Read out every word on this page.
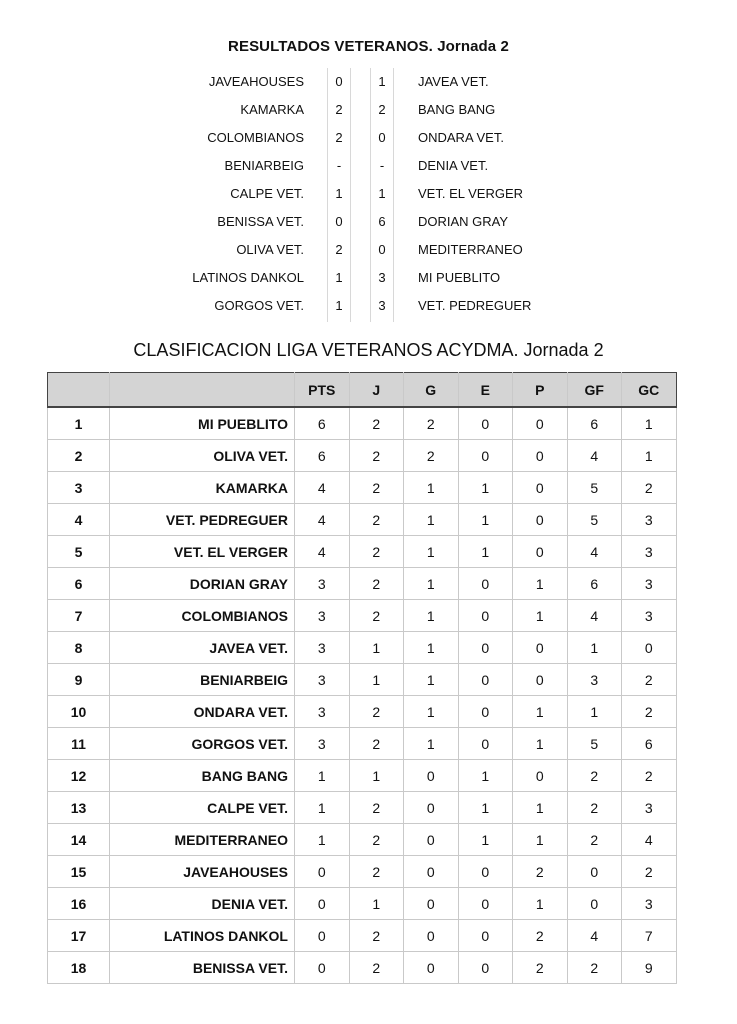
RESULTADOS VETERANOS. Jornada 2
JAVEAHOUSES	0	1	JAVEA VET.
KAMARKA	2	2	BANG BANG
COLOMBIANOS	2	0	ONDARA VET.
BENIARBEIG	-	-	DENIA VET.
CALPE VET.	1	1	VET. EL VERGER
BENISSA VET.	0	6	DORIAN GRAY
OLIVA VET.	2	0	MEDITERRANEO
LATINOS DANKOL	1	3	MI PUEBLITO
GORGOS VET.	1	3	VET. PEDREGUER
CLASIFICACION LIGA VETERANOS ACYDMA. Jornada 2
		PTS	J	G	E	P	GF	GC
1	MI PUEBLITO	6	2	2	0	0	6	1
2	OLIVA VET.	6	2	2	0	0	4	1
3	KAMARKA	4	2	1	1	0	5	2
4	VET. PEDREGUER	4	2	1	1	0	5	3
5	VET. EL VERGER	4	2	1	1	0	4	3
6	DORIAN GRAY	3	2	1	0	1	6	3
7	COLOMBIANOS	3	2	1	0	1	4	3
8	JAVEA VET.	3	1	1	0	0	1	0
9	BENIARBEIG	3	1	1	0	0	3	2
10	ONDARA VET.	3	2	1	0	1	1	2
11	GORGOS VET.	3	2	1	0	1	5	6
12	BANG BANG	1	1	0	1	0	2	2
13	CALPE VET.	1	2	0	1	1	2	3
14	MEDITERRANEO	1	2	0	1	1	2	4
15	JAVEAHOUSES	0	2	0	0	2	0	2
16	DENIA VET.	0	1	0	0	1	0	3
17	LATINOS DANKOL	0	2	0	0	2	4	7
18	BENISSA VET.	0	2	0	0	2	2	9
